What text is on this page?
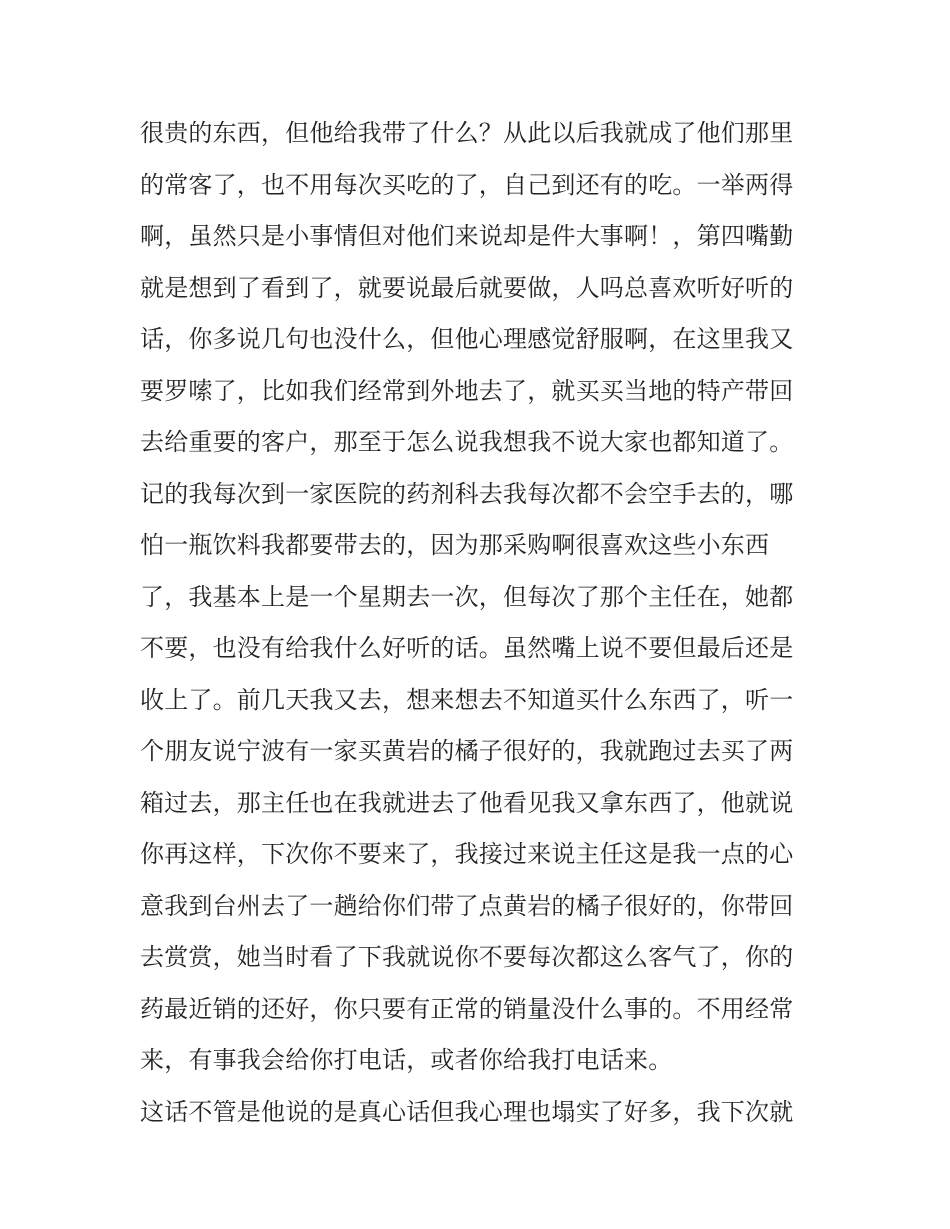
很贵的东西，但他给我带了什么？从此以后我就成了他们那里
的常客了，也不用每次买吃的了，自己到还有的吃。一举两得
啊，虽然只是小事情但对他们来说却是件大事啊！，第四嘴勤
就是想到了看到了，就要说最后就要做，人吗总喜欢听好听的
话，你多说几句也没什么，但他心理感觉舒服啊，在这里我又
要罗嗦了，比如我们经常到外地去了，就买买当地的特产带回
去给重要的客户，那至于怎么说我想我不说大家也都知道了。
记的我每次到一家医院的药剂科去我每次都不会空手去的，哪
怕一瓶饮料我都要带去的，因为那采购啊很喜欢这些小东西
了，我基本上是一个星期去一次，但每次了那个主任在，她都
不要，也没有给我什么好听的话。虽然嘴上说不要但最后还是
收上了。前几天我又去，想来想去不知道买什么东西了，听一
个朋友说宁波有一家买黄岩的橘子很好的，我就跑过去买了两
箱过去，那主任也在我就进去了他看见我又拿东西了，他就说
你再这样，下次你不要来了，我接过来说主任这是我一点的心
意我到台州去了一趟给你们带了点黄岩的橘子很好的，你带回
去赏赏，她当时看了下我就说你不要每次都这么客气了，你的
药最近销的还好，你只要有正常的销量没什么事的。不用经常
来，有事我会给你打电话，或者你给我打电话来。
这话不管是他说的是真心话但我心理也塌实了好多，我下次就
